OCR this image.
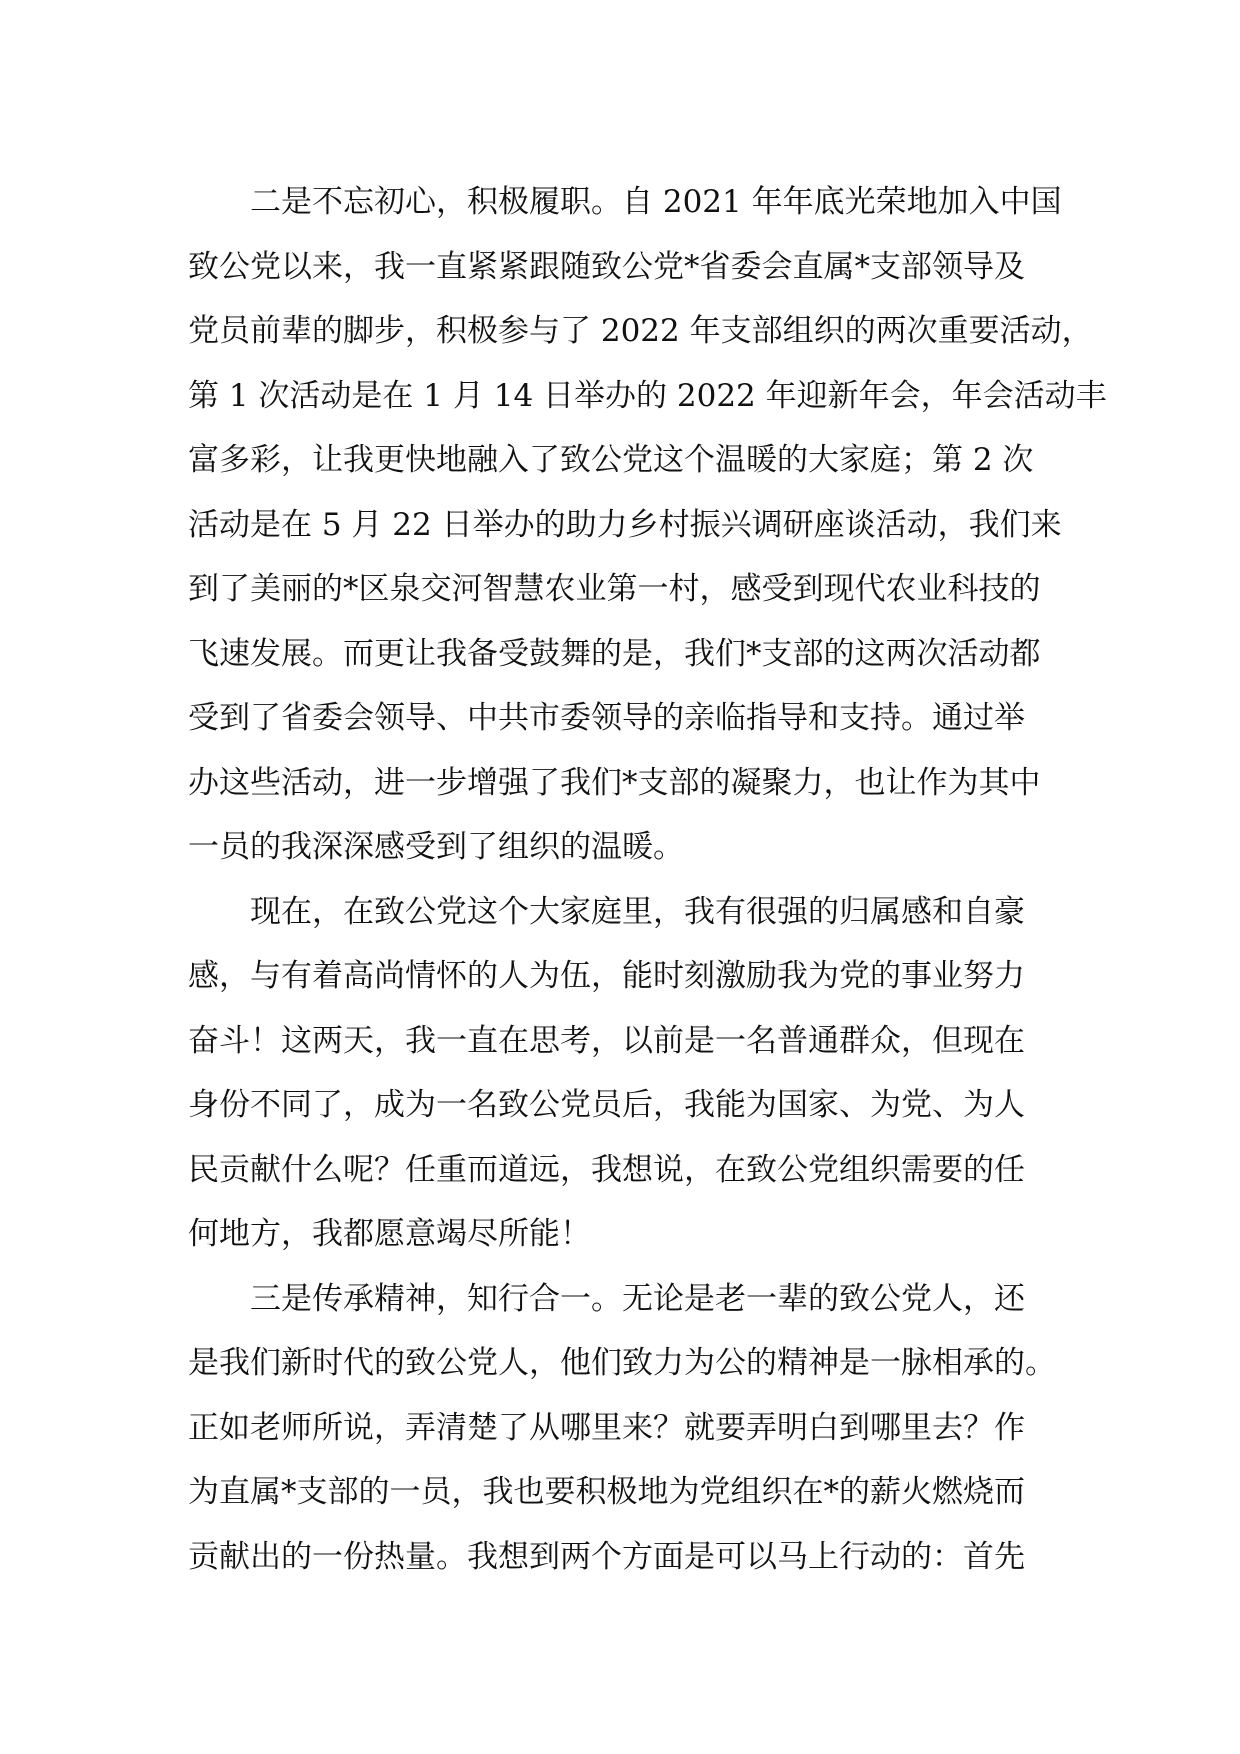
二是不忘初心，积极履职。自 2021 年年底光荣地加入中国
致公党以来，我一直紧紧跟随致公党*省委会直属*支部领导及
党员前辈的脚步，积极参与了 2022 年支部组织的两次重要活动，
第 1 次活动是在 1 月 14 日举办的 2022 年迎新年会，年会活动丰
富多彩，让我更快地融入了致公党这个温暖的大家庭；第 2 次
活动是在 5 月 22 日举办的助力乡村振兴调研座谈活动，我们来
到了美丽的*区泉交河智慧农业第一村，感受到现代农业科技的
飞速发展。而更让我备受鼓舞的是，我们*支部的这两次活动都
受到了省委会领导、中共市委领导的亲临指导和支持。通过举
办这些活动，进一步增强了我们*支部的凝聚力，也让作为其中
一员的我深深感受到了组织的温暖。
现在，在致公党这个大家庭里，我有很强的归属感和自豪
感，与有着高尚情怀的人为伍，能时刻激励我为党的事业努力
奋斗！这两天，我一直在思考，以前是一名普通群众，但现在
身份不同了，成为一名致公党员后，我能为国家、为党、为人
民贡献什么呢？任重而道远，我想说，在致公党组织需要的任
何地方，我都愿意竭尽所能！
三是传承精神，知行合一。无论是老一辈的致公党人，还
是我们新时代的致公党人，他们致力为公的精神是一脉相承的。
正如老师所说，弄清楚了从哪里来？就要弄明白到哪里去？作
为直属*支部的一员，我也要积极地为党组织在*的薪火燃烧而
贡献出的一份热量。我想到两个方面是可以马上行动的：首先
